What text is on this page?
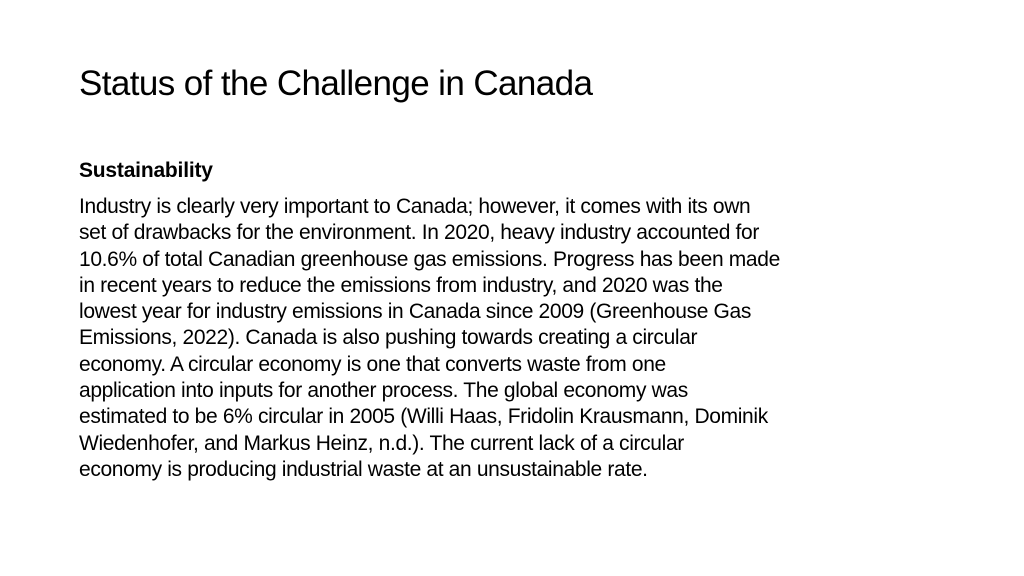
Status of the Challenge in Canada
Sustainability

Industry is clearly very important to Canada; however, it comes with its own
set of drawbacks for the environment. In 2020, heavy industry accounted for
10.6% of total Canadian greenhouse gas emissions. Progress has been made
in recent years to reduce the emissions from industry, and 2020 was the
lowest year for industry emissions in Canada since 2009 (Greenhouse Gas
Emissions, 2022). Canada is also pushing towards creating a circular
economy. A circular economy is one that converts waste from one
application into inputs for another process. The global economy was
estimated to be 6% circular in 2005 (Willi Haas, Fridolin Krausmann, Dominik
Wiedenhofer, and Markus Heinz, n.d.). The current lack of a circular
economy is producing industrial waste at an unsustainable rate.
